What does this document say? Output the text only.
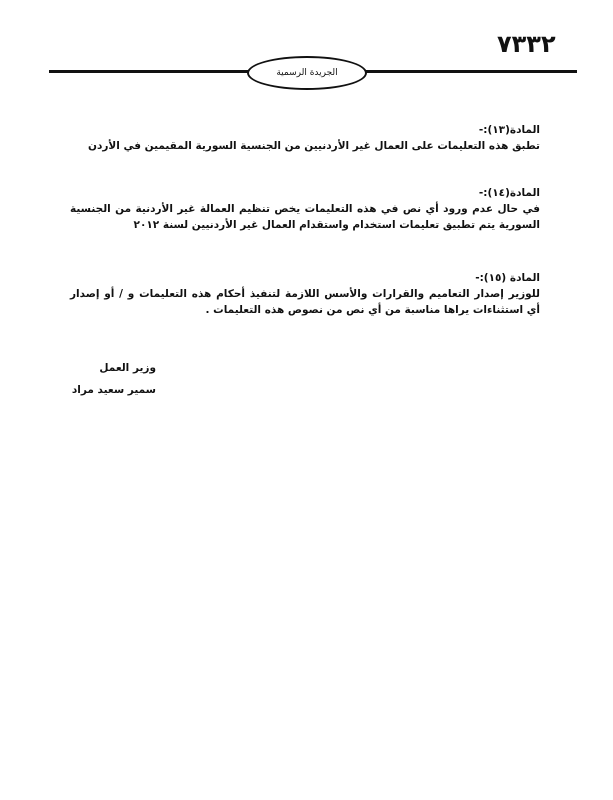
٧٣٣٢
الجريدة الرسمية
المادة(١٣):-
تطبق هذه التعليمات على العمال غير الأردنيين من الجنسية السورية المقيمين في الأردن
المادة(١٤):-
في حال عدم ورود أي نص في هذه التعليمات يخص تنظيم العمالة غير الأردنية من الجنسية السورية يتم تطبيق تعليمات استخدام واستقدام العمال غير الأردنيين لسنة ٢٠١٢
المادة (١٥):-
للوزير إصدار التعاميم والقرارات والأسس اللازمة لتنفيذ أحكام هذه التعليمات و / أو إصدار أي استثناءات يراها مناسبة من أي نص من نصوص هذه التعليمات .
وزير العمل
سمير سعيد مراد
